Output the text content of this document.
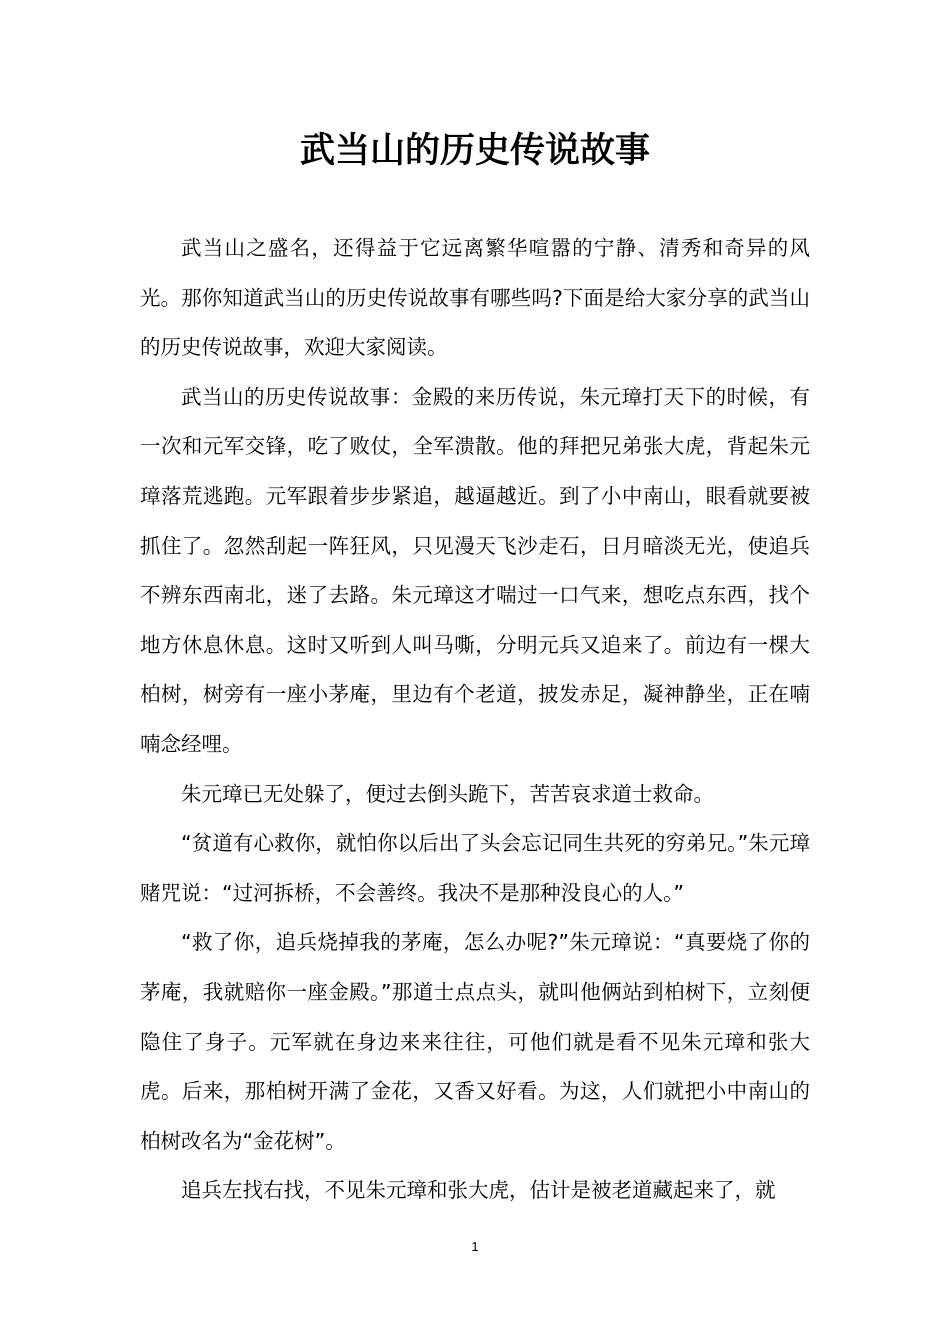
武当山的历史传说故事

武当山之盛名，还得益于它远离繁华喧嚣的宁静、清秀和奇异的风光。那你知道武当山的历史传说故事有哪些吗?下面是给大家分享的武当山的历史传说故事，欢迎大家阅读。

武当山的历史传说故事：金殿的来历传说，朱元璋打天下的时候，有一次和元军交锋，吃了败仗，全军溃散。他的拜把兄弟张大虎，背起朱元璋落荒逃跑。元军跟着步步紧追，越逼越近。到了小中南山，眼看就要被抓住了。忽然刮起一阵狂风，只见漫天飞沙走石，日月暗淡无光，使追兵不辨东西南北，迷了去路。朱元璋这才喘过一口气来，想吃点东西，找个地方休息休息。这时又听到人叫马嘶，分明元兵又追来了。前边有一棵大柏树，树旁有一座小茅庵，里边有个老道，披发赤足，凝神静坐，正在喃喃念经哩。

朱元璋已无处躲了，便过去倒头跪下，苦苦哀求道士救命。

“贫道有心救你，就怕你以后出了头会忘记同生共死的穷弟兄。”朱元璋赌咒说：“过河拆桥，不会善终。我决不是那种没良心的人。”

“救了你，追兵烧掉我的茅庵，怎么办呢?”朱元璋说：“真要烧了你的茅庵，我就赔你一座金殿。”那道士点点头，就叫他俩站到柏树下，立刻便隐住了身子。元军就在身边来来往往，可他们就是看不见朱元璋和张大虎。后来，那柏树开满了金花，又香又好看。为这，人们就把小中南山的柏树改名为“金花树”。

追兵左找右找，不见朱元璋和张大虎，估计是被老道藏起来了，就

1
